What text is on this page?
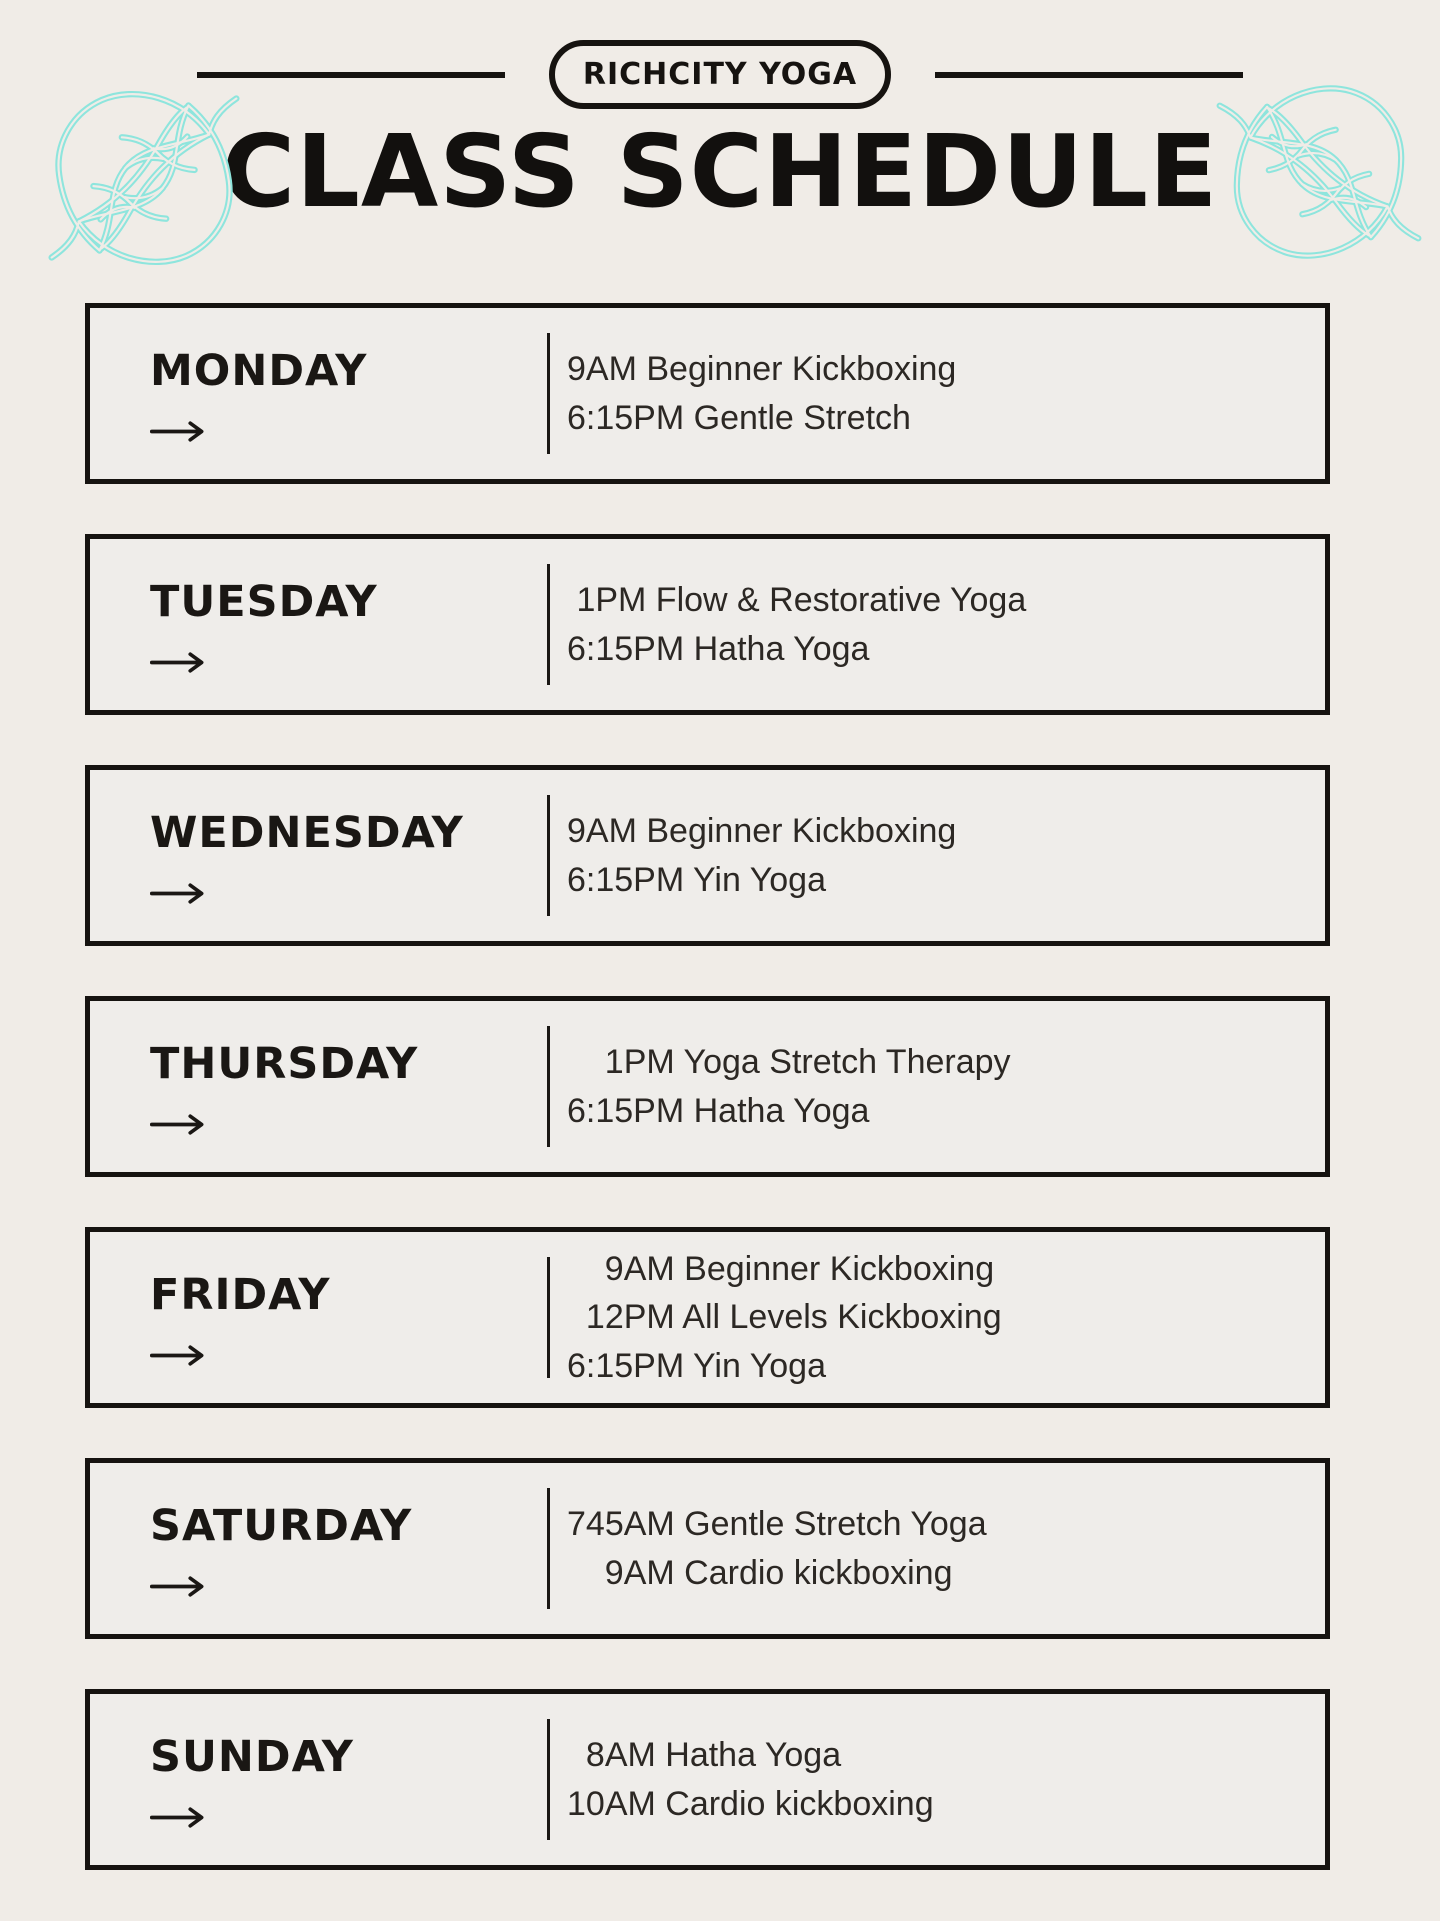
RICHCITY YOGA
CLASS SCHEDULE
MONDAY	9AM Beginner Kickboxing
6:15PM Gentle Stretch
TUESDAY	1PM Flow & Restorative Yoga
6:15PM Hatha Yoga
WEDNESDAY	9AM Beginner Kickboxing
6:15PM Yin Yoga
THURSDAY	1PM Yoga Stretch Therapy
6:15PM Hatha Yoga
FRIDAY
9AM Beginner Kickboxing
12PM All Levels Kickboxing
6:15PM Yin Yoga
SATURDAY	745AM Gentle Stretch Yoga
9AM Cardio kickboxing
SUNDAY	8AM Hatha Yoga
10AM Cardio kickboxing
